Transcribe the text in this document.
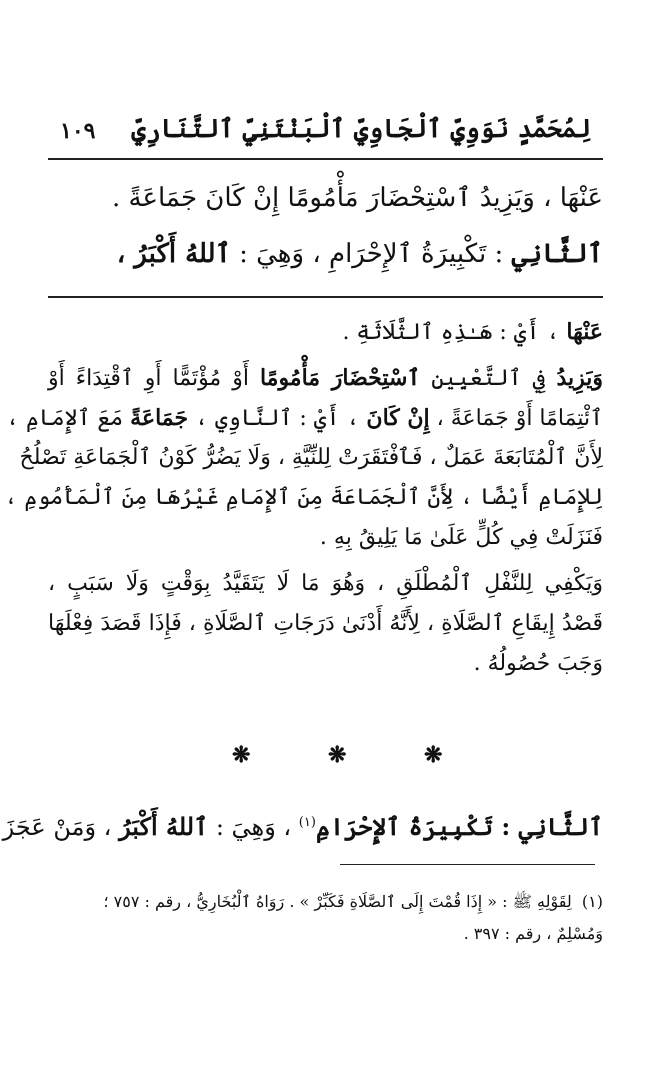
١٠٩ لِمُحَمَّدٍ نَوَوِيِّ ٱلْجَاوِيِّ ٱلْبَنْتَنِيِّ ٱلتَّنَارِيِّ
عَنْهَا ، وَيَزِيدُ ٱسْتِحْضَارَ مَأْمُومًا إِنْ كَانَ جَمَاعَةً .
ٱلثَّانِي : تَكْبِيرَةُ ٱلإِحْرَامِ ، وَهِيَ : ٱللهُ أَكْبَرُ ،
عَنْهَا ، أَيْ : هَـٰذِهِ ٱلثَّلَاثَةِ .
وَيَزِيدُ فِي ٱلتَّعْيِينِ ٱسْتِحْضَارَ مَأْمُومًا أَوْ مُؤْتَمًّا أَوِ ٱقْتِدَاءً أَوْ
ٱئْتِمَامًا أَوْ جَمَاعَةً ، إِنْ كَانَ ، أَيْ : ٱلنَّاوِي ، جَمَاعَةً مَعَ ٱلإِمَامِ ،
لِأَنَّ ٱلْمُتَابَعَةَ عَمَلٌ ، فَٱفْتَقَرَتْ لِلنِّيَّةِ ، وَلَا يَضُرُّ كَوْنُ ٱلْجَمَاعَةِ تَصْلُحُ
لِلإِمَامِ أَيْضًا ، لِأَنَّ ٱلْجَمَاعَةَ مِنَ ٱلإِمَامِ غَيْرُهَا مِنَ ٱلْمَأْمُومِ ،
فَنَزَلَتْ فِي كُلٍّ عَلَىٰ مَا يَلِيقُ بِهِ .
وَيَكْفِي لِلنَّفْلِ ٱلْمُطْلَقِ ، وَهُوَ مَا لَا يَتَقَيَّدُ بِوَقْتٍ وَلَا سَبَبٍ ،
قَصْدُ إِيقَاعِ ٱلصَّلَاةِ ، لِأَنَّهُ أَدْنَىٰ دَرَجَاتِ ٱلصَّلَاةِ ، فَإِذَا قَصَدَ فِعْلَهَا
وَجَبَ حُصُولُهُ .
❋	❋	❋
ٱلثَّانِي : تَكْبِيرَةُ ٱلإِحْرَامِ$^{(١)}$ ، وَهِيَ : ٱللهُ أَكْبَرُ ، وَمَنْ عَجَزَ
(١)  لِقَوْلِهِ ﷺ : « إِذَا قُمْتَ إِلَى ٱلصَّلَاةِ فَكَبِّرْ » . رَوَاهُ ٱلْبُخَارِيُّ ، رقم : ٧٥٧ ؛
وَمُسْلِمٌ ، رقم : ٣٩٧ .
